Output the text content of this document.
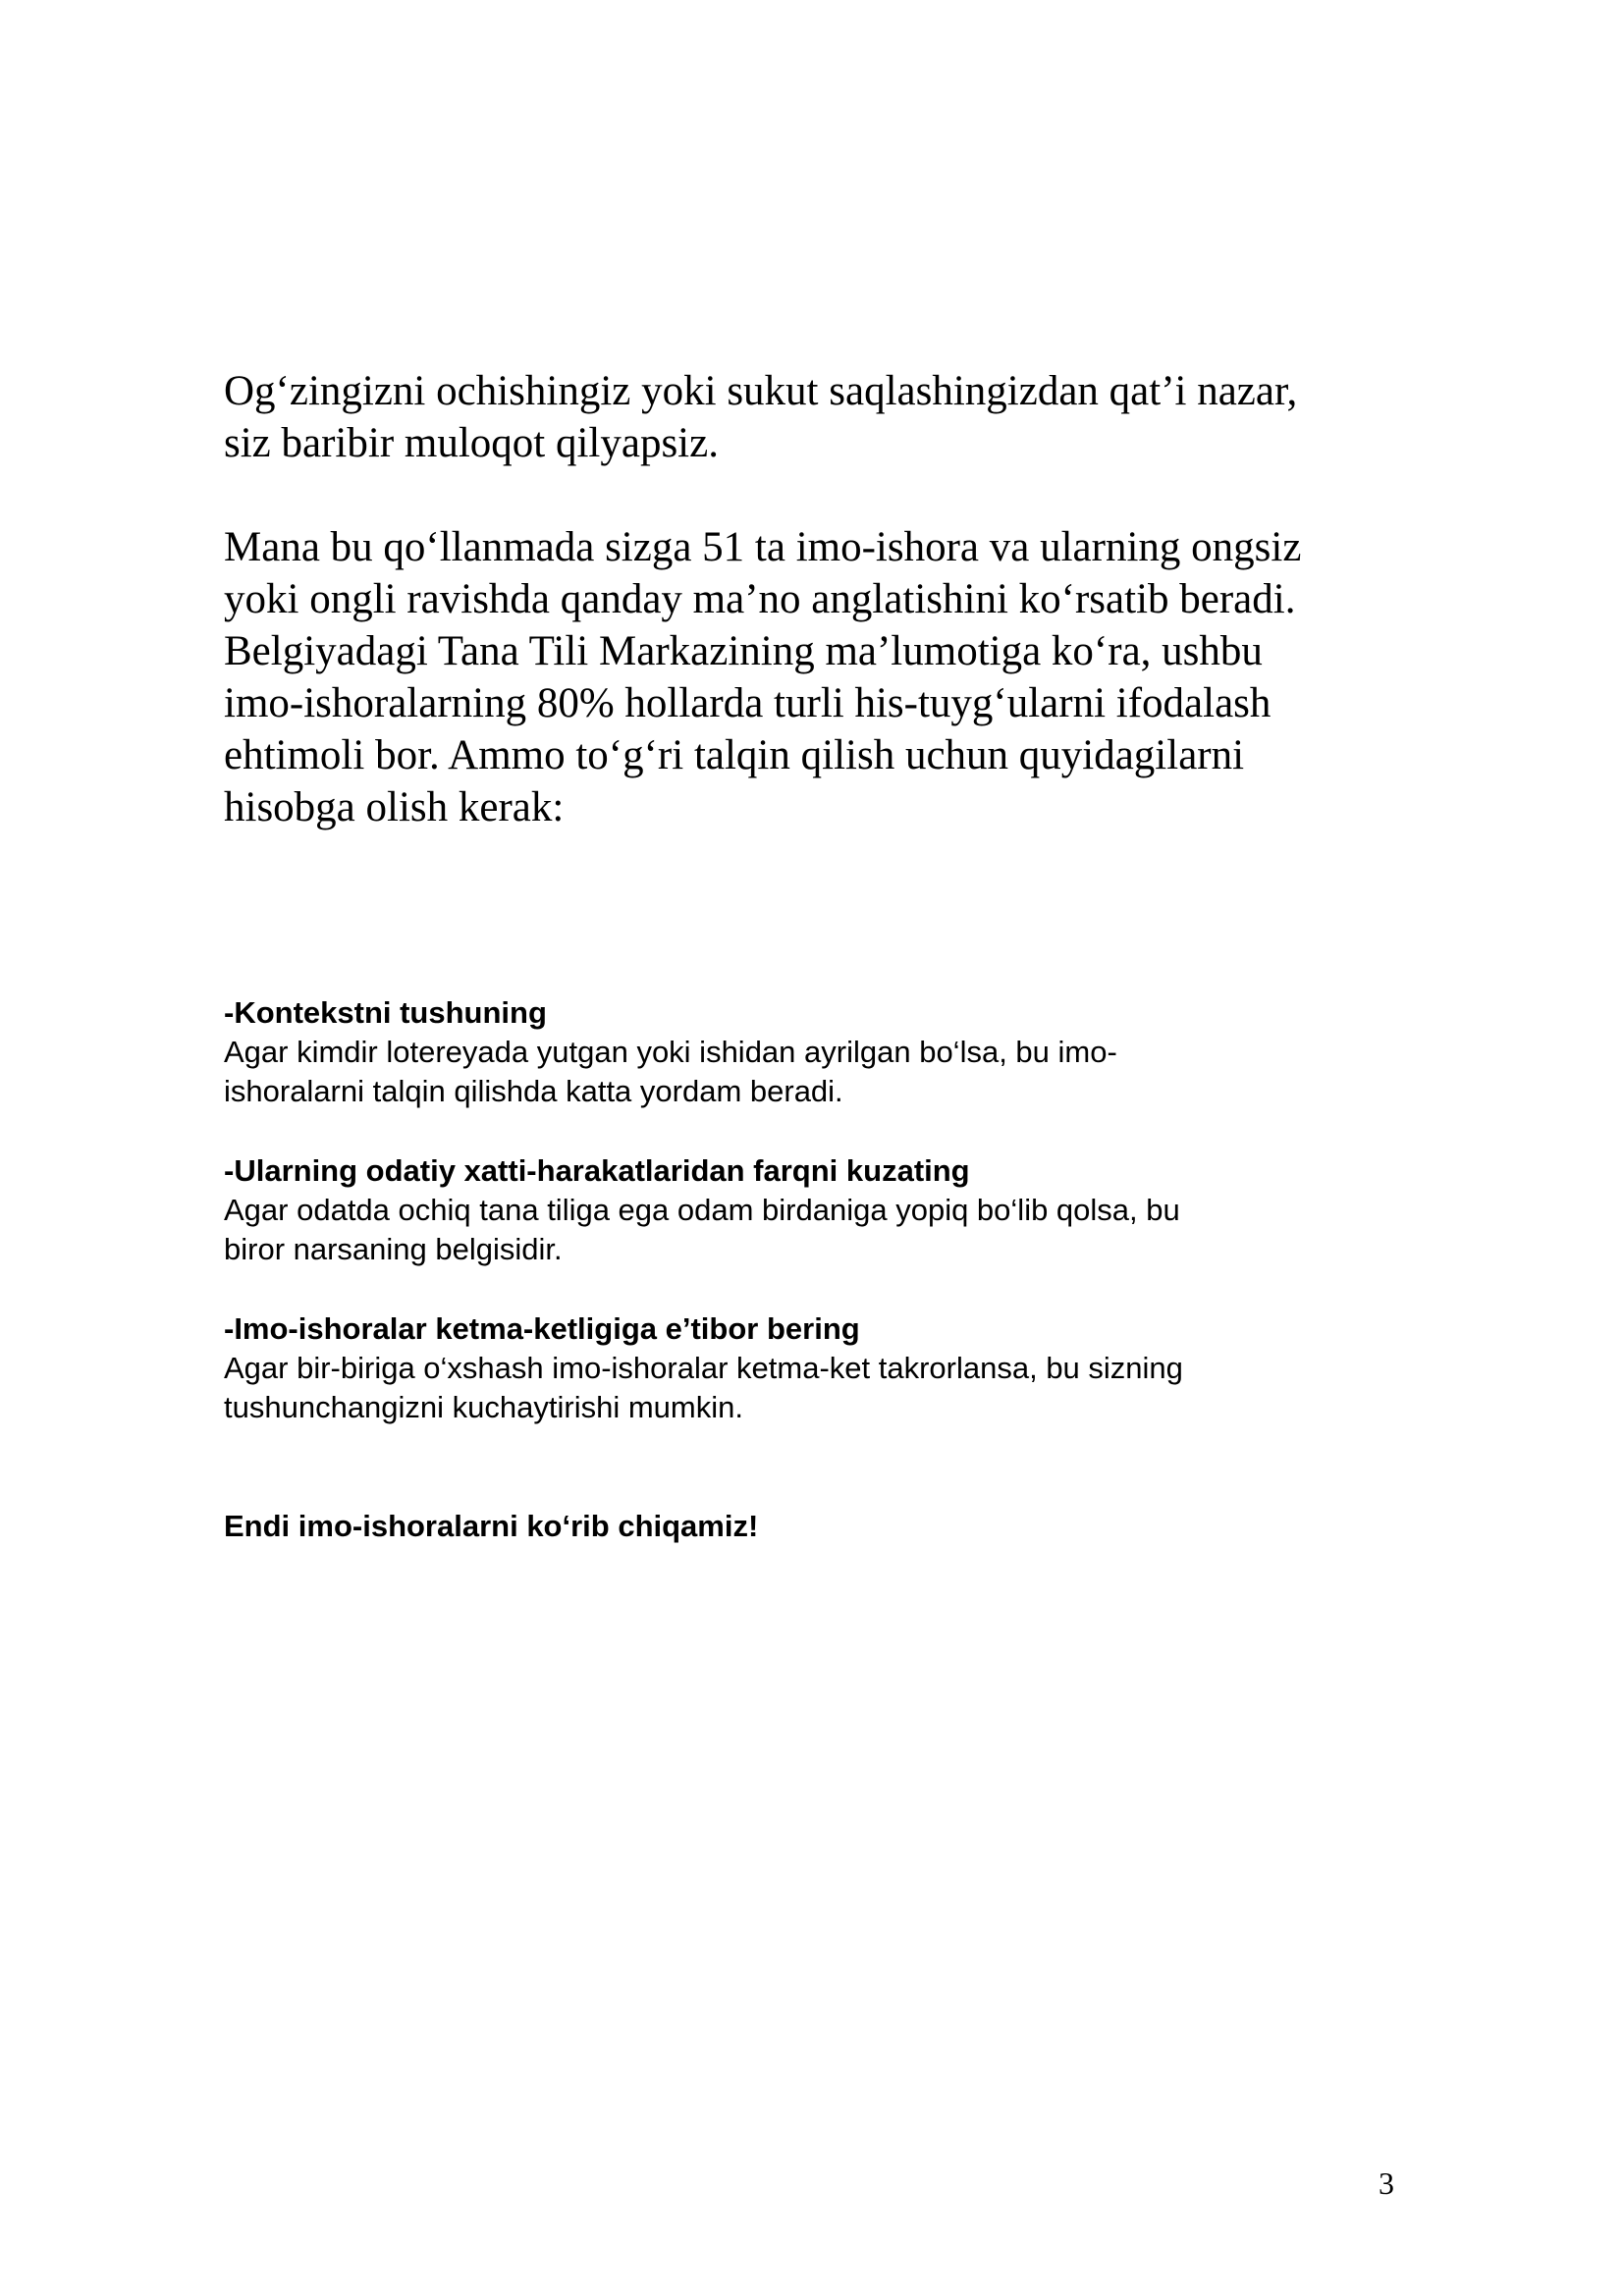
Og‘zingizni ochishingiz yoki sukut saqlashingizdan qat’i nazar,
siz baribir muloqot qilyapsiz.
Mana bu qo‘llanmada sizga 51 ta imo-ishora va ularning ongsiz
yoki ongli ravishda qanday ma’no anglatishini ko‘rsatib beradi.
Belgiyadagi Tana Tili Markazining ma’lumotiga ko‘ra, ushbu
imo-ishoralarning 80% hollarda turli his-tuyg‘ularni ifodalash
ehtimoli bor. Ammo to‘g‘ri talqin qilish uchun quyidagilarni
hisobga olish kerak:
-Kontekstni tushuning
Agar kimdir lotereyada yutgan yoki ishidan ayrilgan bo‘lsa, bu imo-
ishoralarni talqin qilishda katta yordam beradi.
-Ularning odatiy xatti-harakatlaridan farqni kuzating
Agar odatda ochiq tana tiliga ega odam birdaniga yopiq bo‘lib qolsa, bu
biror narsaning belgisidir.
-Imo-ishoralar ketma-ketligiga e’tibor bering
Agar bir-biriga o‘xshash imo-ishoralar ketma-ket takrorlansa, bu sizning
tushunchangizni kuchaytirishi mumkin.
Endi imo-ishoralarni ko‘rib chiqamiz!
3
